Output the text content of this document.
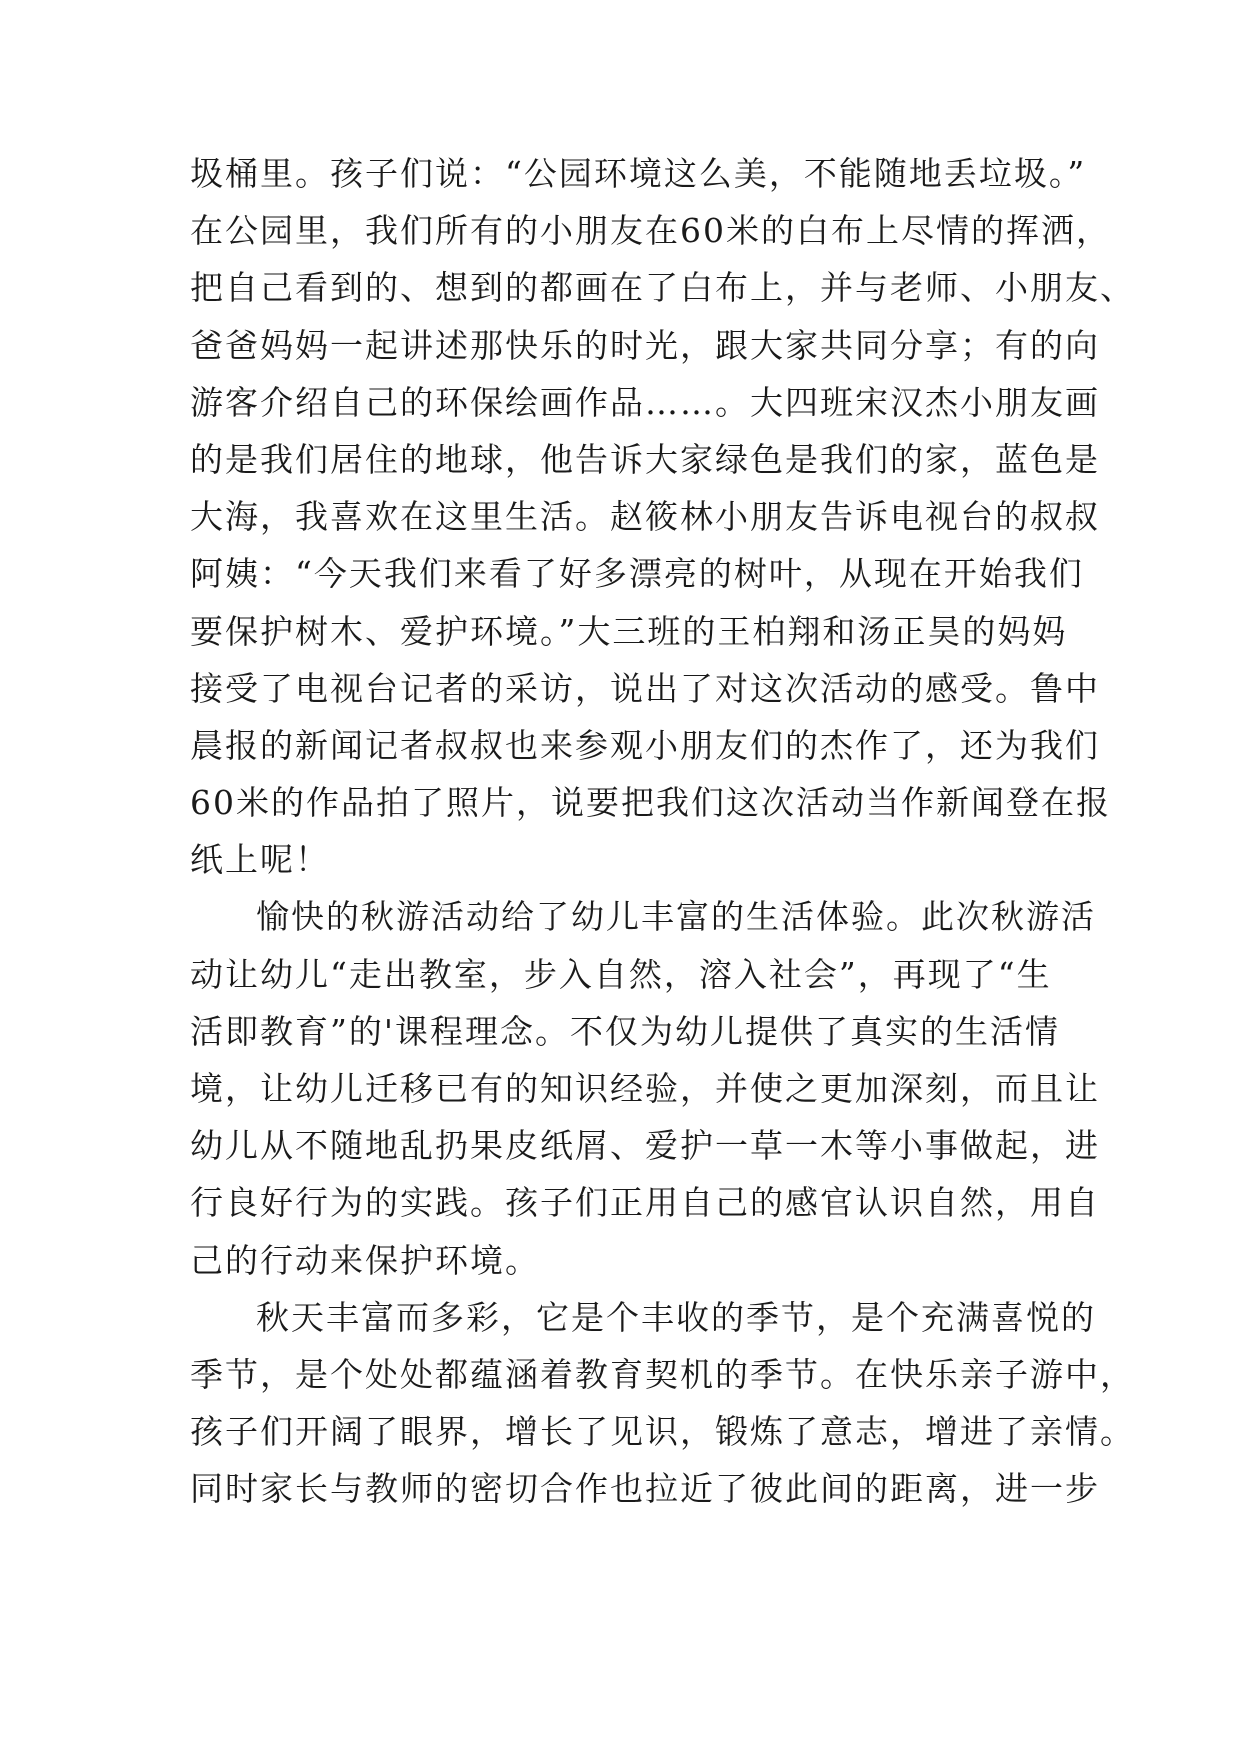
圾桶里。孩子们说：“公园环境这么美，不能随地丢垃圾。”
在公园里，我们所有的小朋友在60米的白布上尽情的挥洒，
把自己看到的、想到的都画在了白布上，并与老师、小朋友、
爸爸妈妈一起讲述那快乐的时光，跟大家共同分享；有的向
游客介绍自己的环保绘画作品……。大四班宋汉杰小朋友画
的是我们居住的地球，他告诉大家绿色是我们的家，蓝色是
大海，我喜欢在这里生活。赵筱林小朋友告诉电视台的叔叔
阿姨：“今天我们来看了好多漂亮的树叶，从现在开始我们
要保护树木、爱护环境。”大三班的王柏翔和汤正昊的妈妈
接受了电视台记者的采访，说出了对这次活动的感受。鲁中
晨报的新闻记者叔叔也来参观小朋友们的杰作了，还为我们
60米的作品拍了照片，说要把我们这次活动当作新闻登在报
纸上呢！
愉快的秋游活动给了幼儿丰富的生活体验。此次秋游活
动让幼儿“走出教室，步入自然，溶入社会”，再现了“生
活即教育”的'课程理念。不仅为幼儿提供了真实的生活情
境，让幼儿迁移已有的知识经验，并使之更加深刻，而且让
幼儿从不随地乱扔果皮纸屑、爱护一草一木等小事做起，进
行良好行为的实践。孩子们正用自己的感官认识自然，用自
己的行动来保护环境。
秋天丰富而多彩，它是个丰收的季节，是个充满喜悦的
季节，是个处处都蕴涵着教育契机的季节。在快乐亲子游中，
孩子们开阔了眼界，增长了见识，锻炼了意志，增进了亲情。
同时家长与教师的密切合作也拉近了彼此间的距离，进一步
